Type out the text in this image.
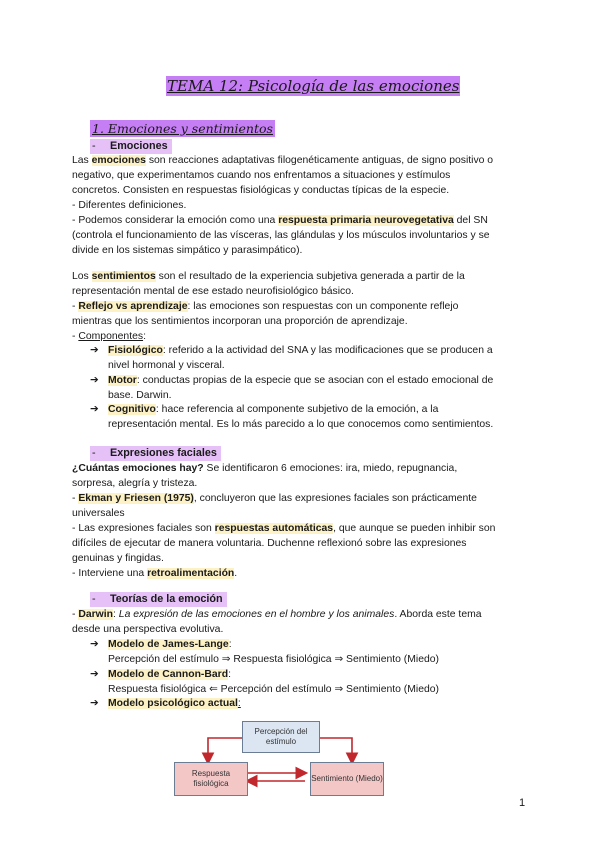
TEMA 12: Psicología de las emociones
1. Emociones y sentimientos
- Emociones
Las emociones son reacciones adaptativas filogenéticamente antiguas, de signo positivo o
negativo, que experimentamos cuando nos enfrentamos a situaciones y estímulos
concretos. Consisten en respuestas fisiológicas y conductas típicas de la especie.
- Diferentes definiciones.
- Podemos considerar la emoción como una respuesta primaria neurovegetativa del SN
(controla el funcionamiento de las vísceras, las glándulas y los músculos involuntarios y se
divide en los sistemas simpático y parasimpático).
Los sentimientos son el resultado de la experiencia subjetiva generada a partir de la
representación mental de ese estado neurofisiológico básico.
- Reflejo vs aprendizaje: las emociones son respuestas con un componente reflejo
mientras que los sentimientos incorporan una proporción de aprendizaje.
- Componentes:
➔ Fisiológico: referido a la actividad del SNA y las modificaciones que se producen a
nivel hormonal y visceral.
➔ Motor: conductas propias de la especie que se asocian con el estado emocional de
base. Darwin.
➔ Cognitivo: hace referencia al componente subjetivo de la emoción, a la
representación mental. Es lo más parecido a lo que conocemos como sentimientos.
- Expresiones faciales
¿Cuántas emociones hay? Se identificaron 6 emociones: ira, miedo, repugnancia,
sorpresa, alegría y tristeza.
- Ekman y Friesen (1975), concluyeron que las expresiones faciales son prácticamente
universales
- Las expresiones faciales son respuestas automáticas, que aunque se pueden inhibir son
difíciles de ejecutar de manera voluntaria. Duchenne reflexionó sobre las expresiones
genuinas y fingidas.
- Interviene una retroalimentación.
- Teorías de la emoción
- Darwin: La expresión de las emociones en el hombre y los animales. Aborda este tema
desde una perspectiva evolutiva.
➔ Modelo de James-Lange:
Percepción del estímulo ⇒ Respuesta fisiológica ⇒ Sentimiento (Miedo)
➔ Modelo de Cannon-Bard:
Respuesta fisiológica ⇐ Percepción del estímulo ⇒ Sentimiento (Miedo)
➔ Modelo psicológico actual:
Percepción del estímulo
Respuesta fisiológica
Sentimiento (Miedo)
1
